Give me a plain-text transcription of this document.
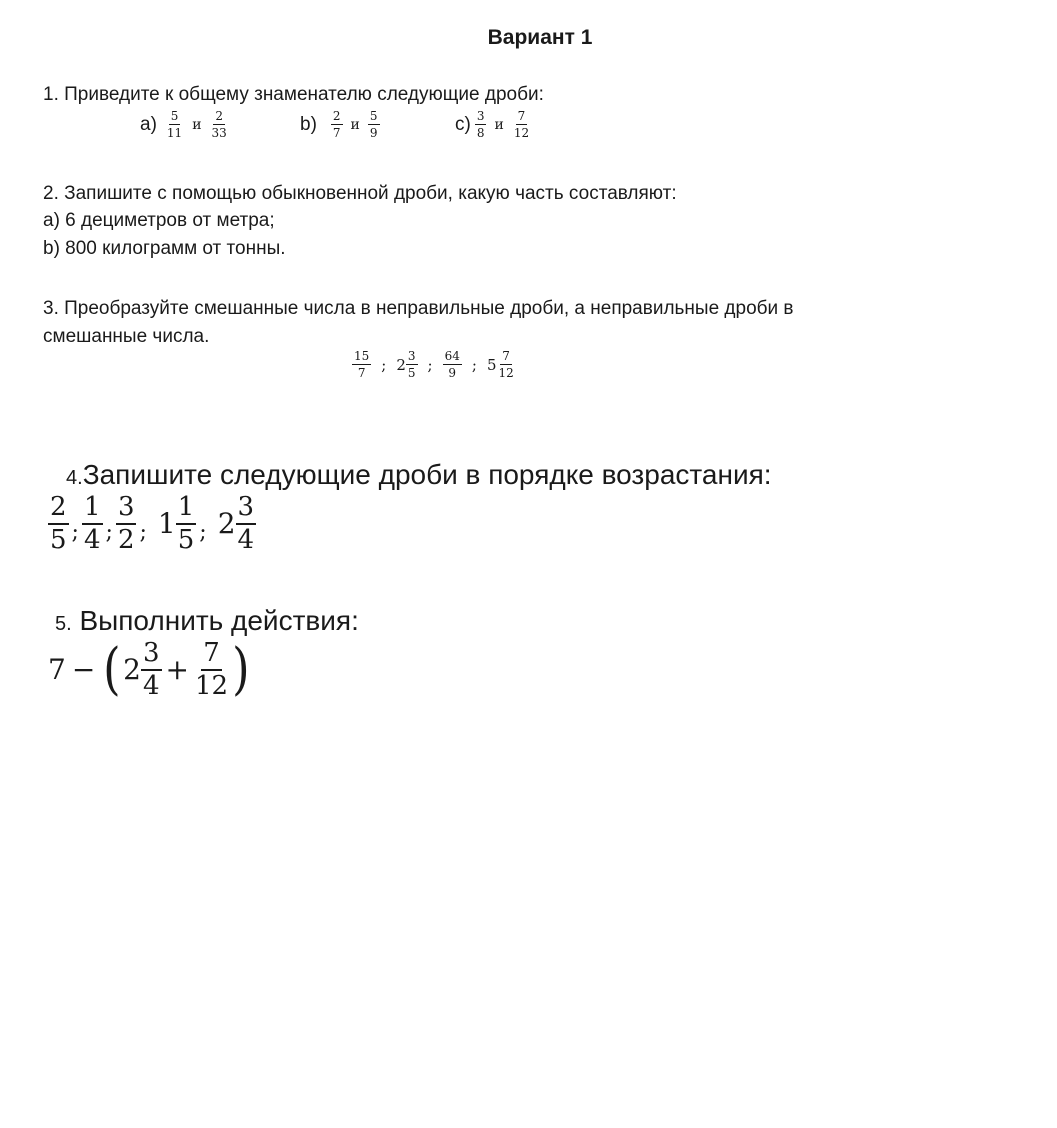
Вариант 1
1. Приведите к общему знаменателю следующие дроби:
$а) \frac{5}{11}$ и $\frac{2}{33}$	$b) \frac{2}{7}$ и $\frac{5}{9}$	$c) \frac{3}{8}$ и $\frac{7}{12}$
2. Запишите с помощью обыкновенной дроби, какую часть составляют:
а) 6 дециметров от метра;
b) 800 килограмм от тонны.
3. Преобразуйте смешанные числа в неправильные дроби, а неправильные дроби в
смешанные числа.
$\frac{15}{7}$ ; $2 \frac{3}{5}$ ; $\frac{64}{9}$ ; $5 \frac{7}{12}$
4.Запишите следующие дроби в порядке возрастания:
$\frac{2}{5}$ ; $\frac{1}{4}$ ; $\frac{3}{2}$ ; $1 \frac{1}{5}$ ; $2 \frac{3}{4}$
5. Выполнить действия:
7 − ( $2 \frac{3}{4} + \frac{7}{12}$ )
